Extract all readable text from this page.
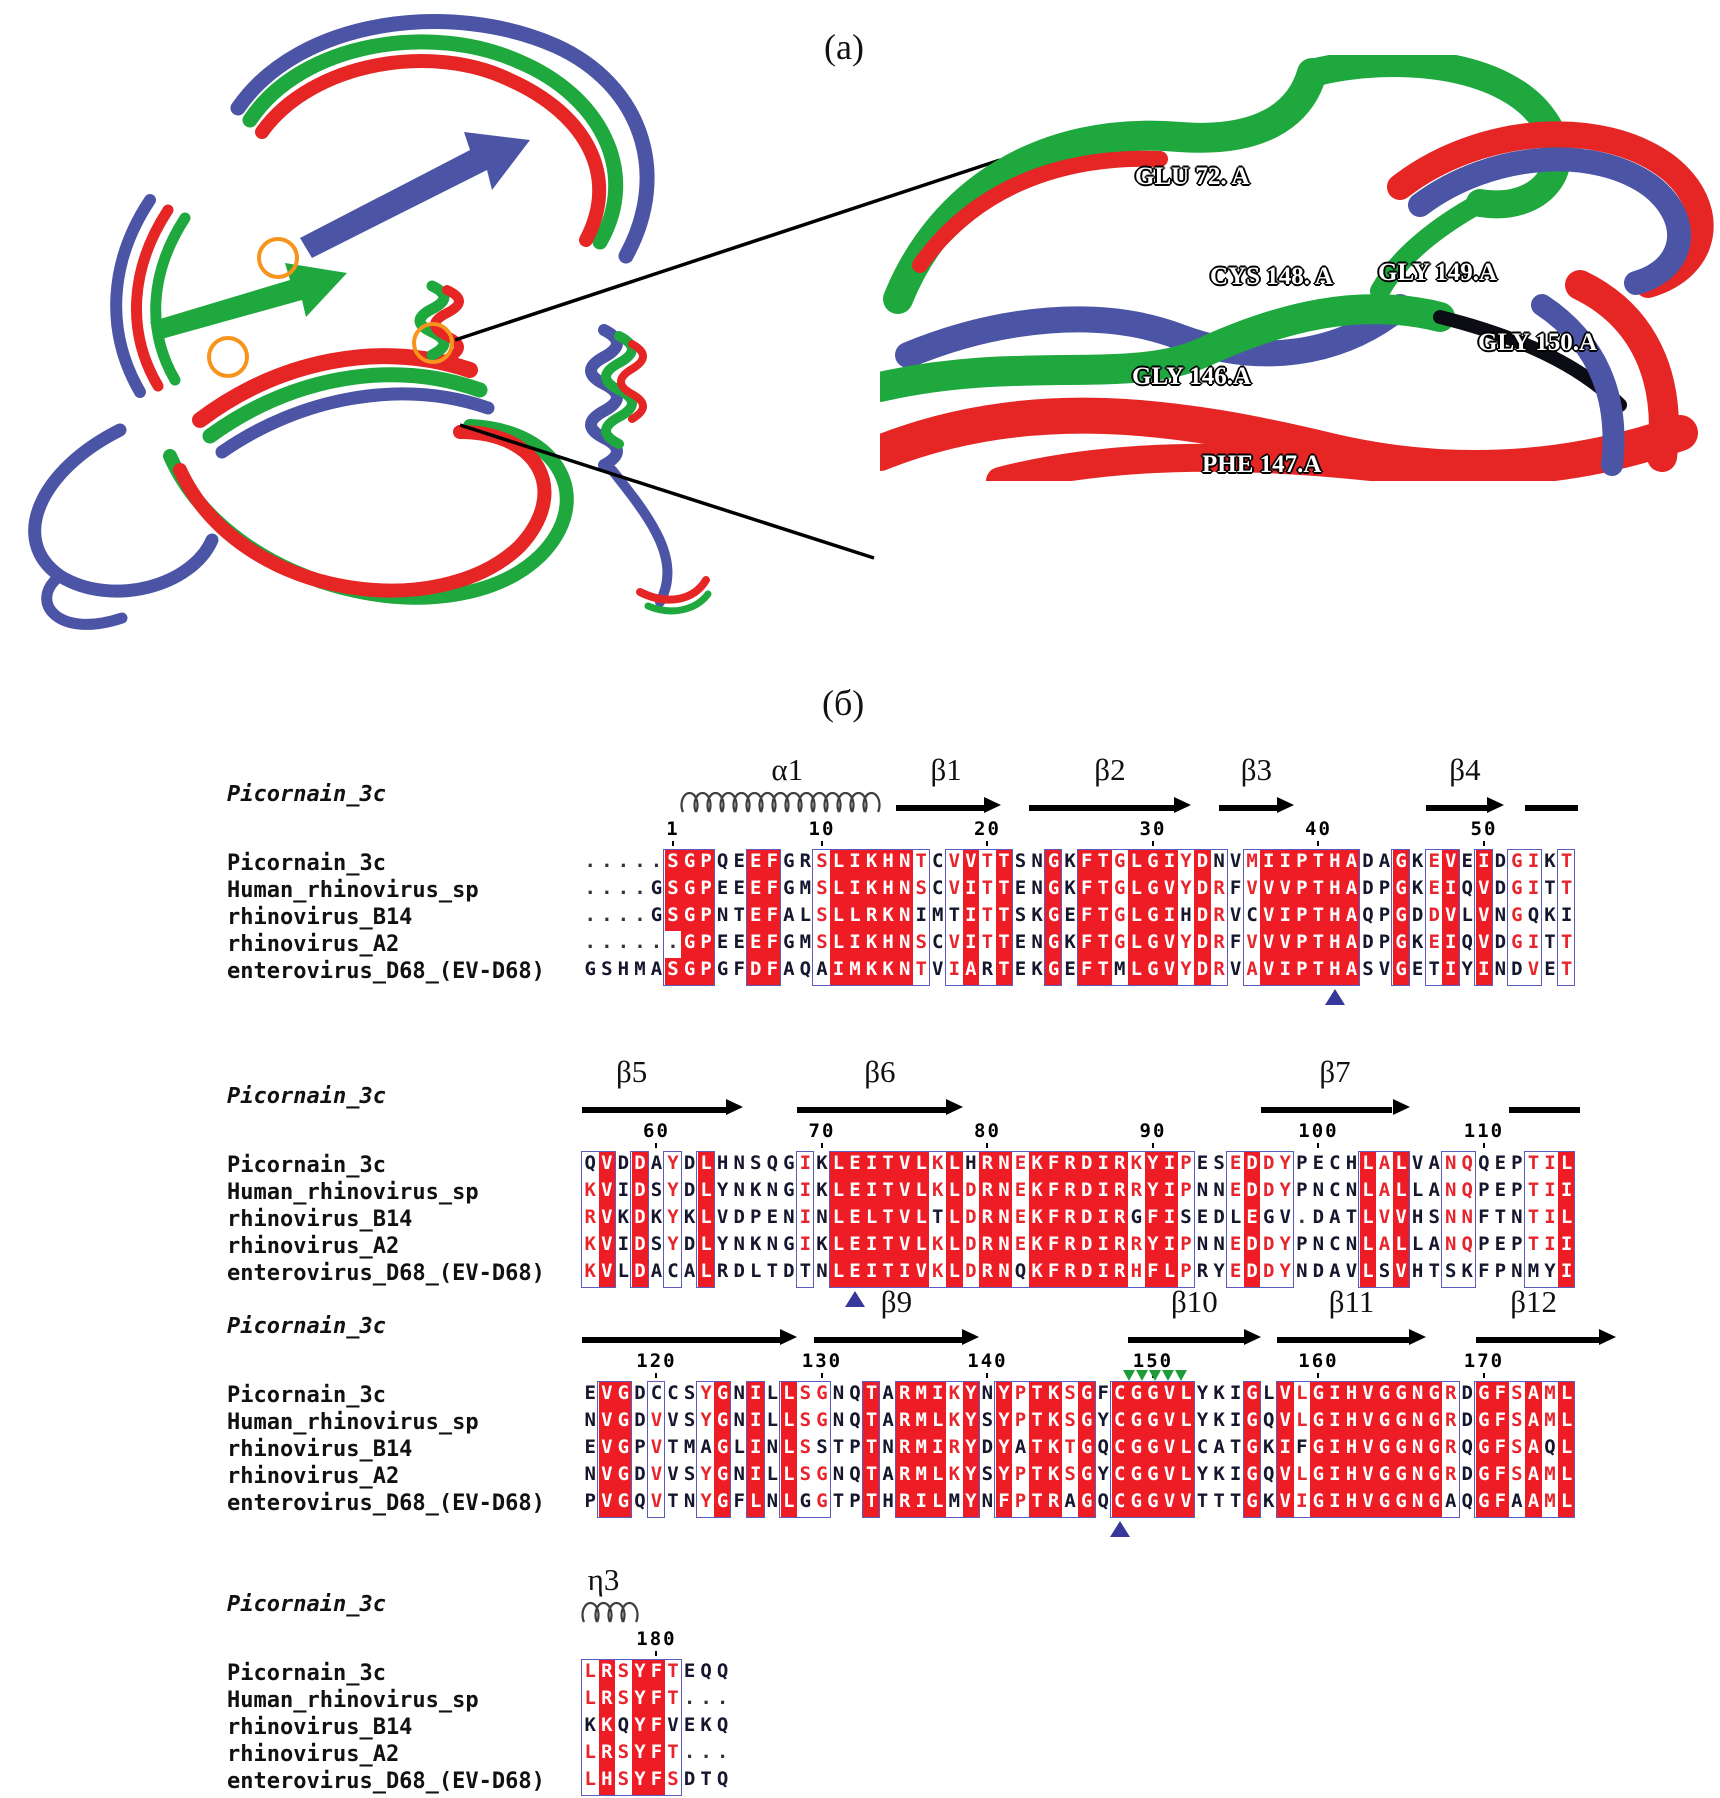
(a)
(б)
GLU 72. A
CYS 148. A GLY 149.A
GLY 150.A
GLY 146.A
PHE 147.A
Picornain_3c
α1	β1	β2	β3	β4
1	10	20	30	40	50
Picornain_3c	. . . . . S G P Q E E F G R S L I K H N T C V V T T S N G K F T G L G I Y D N V M I I P T H A D A G K E V E I D G I K T
Human_rhinovirus_sp	. . . . G S G P E E E F G M S L I K H N S C V I T T E N G K F T G L G V Y D R F V V V P T H A D P G K E I Q V D G I T T
rhinovirus_B14	. . . . G S G P N T E F A L S L L R K N I M T I T T S K G E F T G L G I H D R V C V I P T H A Q P G D D V L V N G Q K I
rhinovirus_A2	. . . . . . G P E E E F G M S L I K H N S C V I T T E N G K F T G L G V Y D R F V V V P T H A D P G K E I Q V D G I T T
enterovirus_D68_(EV-D68) G S H M A S G P G F D F A Q A I M K K N T V I A R T E K G E F T M L G V Y D R V A V I P T H A S V G E T I Y I N D V E T
Picornain_3c
β5	β6	β7
60	70	80	90	100	110
Picornain_3c	Q V D D A Y D L H N S Q G I K L E I T V L K L H R N E K F R D I R K Y I P E S E D D Y P E C H L A L V A N Q Q E P T I L
Human_rhinovirus_sp	K V I D S Y D L Y N K N G I K L E I T V L K L D R N E K F R D I R R Y I P N N E D D Y P N C N L A L L A N Q P E P T I I
rhinovirus_B14	R V K D K Y K L V D P E N I N L E L T V L T L D R N E K F R D I R G F I S E D L E G V . D A T L V V H S N N F T N T I L
rhinovirus_A2	K V I D S Y D L Y N K N G I K L E I T V L K L D R N E K F R D I R R Y I P N N E D D Y P N C N L A L L A N Q P E P T I I
enterovirus_D68_(EV-D68) K V L D A C A L R D L T D T N L E I T I V K L D R N Q K F R D I R H F L P R Y E D D Y N D A V L S V H T S K F P N M Y I
Picornain_3c
β9	β10	β11	β12
120	130	140	150	160	170
Picornain_3c	E V G D C C S Y G N I L L S G N Q T A R M I K Y N Y P T K S G F C G G V L Y K I G L V L G I H V G G N G R D G F S A M L
Human_rhinovirus_sp	N V G D V V S Y G N I L L S G N Q T A R M L K Y S Y P T K S G Y C G G V L Y K I G Q V L G I H V G G N G R D G F S A M L
rhinovirus_B14	E V G P V T M A G L I N L S S T P T N R M I R Y D Y A T K T G Q C G G V L C A T G K I F G I H V G G N G R Q G F S A Q L
rhinovirus_A2	N V G D V V S Y G N I L L S G N Q T A R M L K Y S Y P T K S G Y C G G V L Y K I G Q V L G I H V G G N G R D G F S A M L
enterovirus_D68_(EV-D68) P V G Q V T N Y G F L N L G G T P T H R I L M Y N F P T R A G Q C G G V V T T T G K V I G I H V G G N G A Q G F A A M L
Picornain_3c
η3
180
Picornain_3c	L R S Y F T E Q Q
Human_rhinovirus_sp	L R S Y F T . . .
rhinovirus_B14	K K Q Y F V E K Q
rhinovirus_A2	L R S Y F T . . .
enterovirus_D68_(EV-D68) L H S Y F S D T Q
